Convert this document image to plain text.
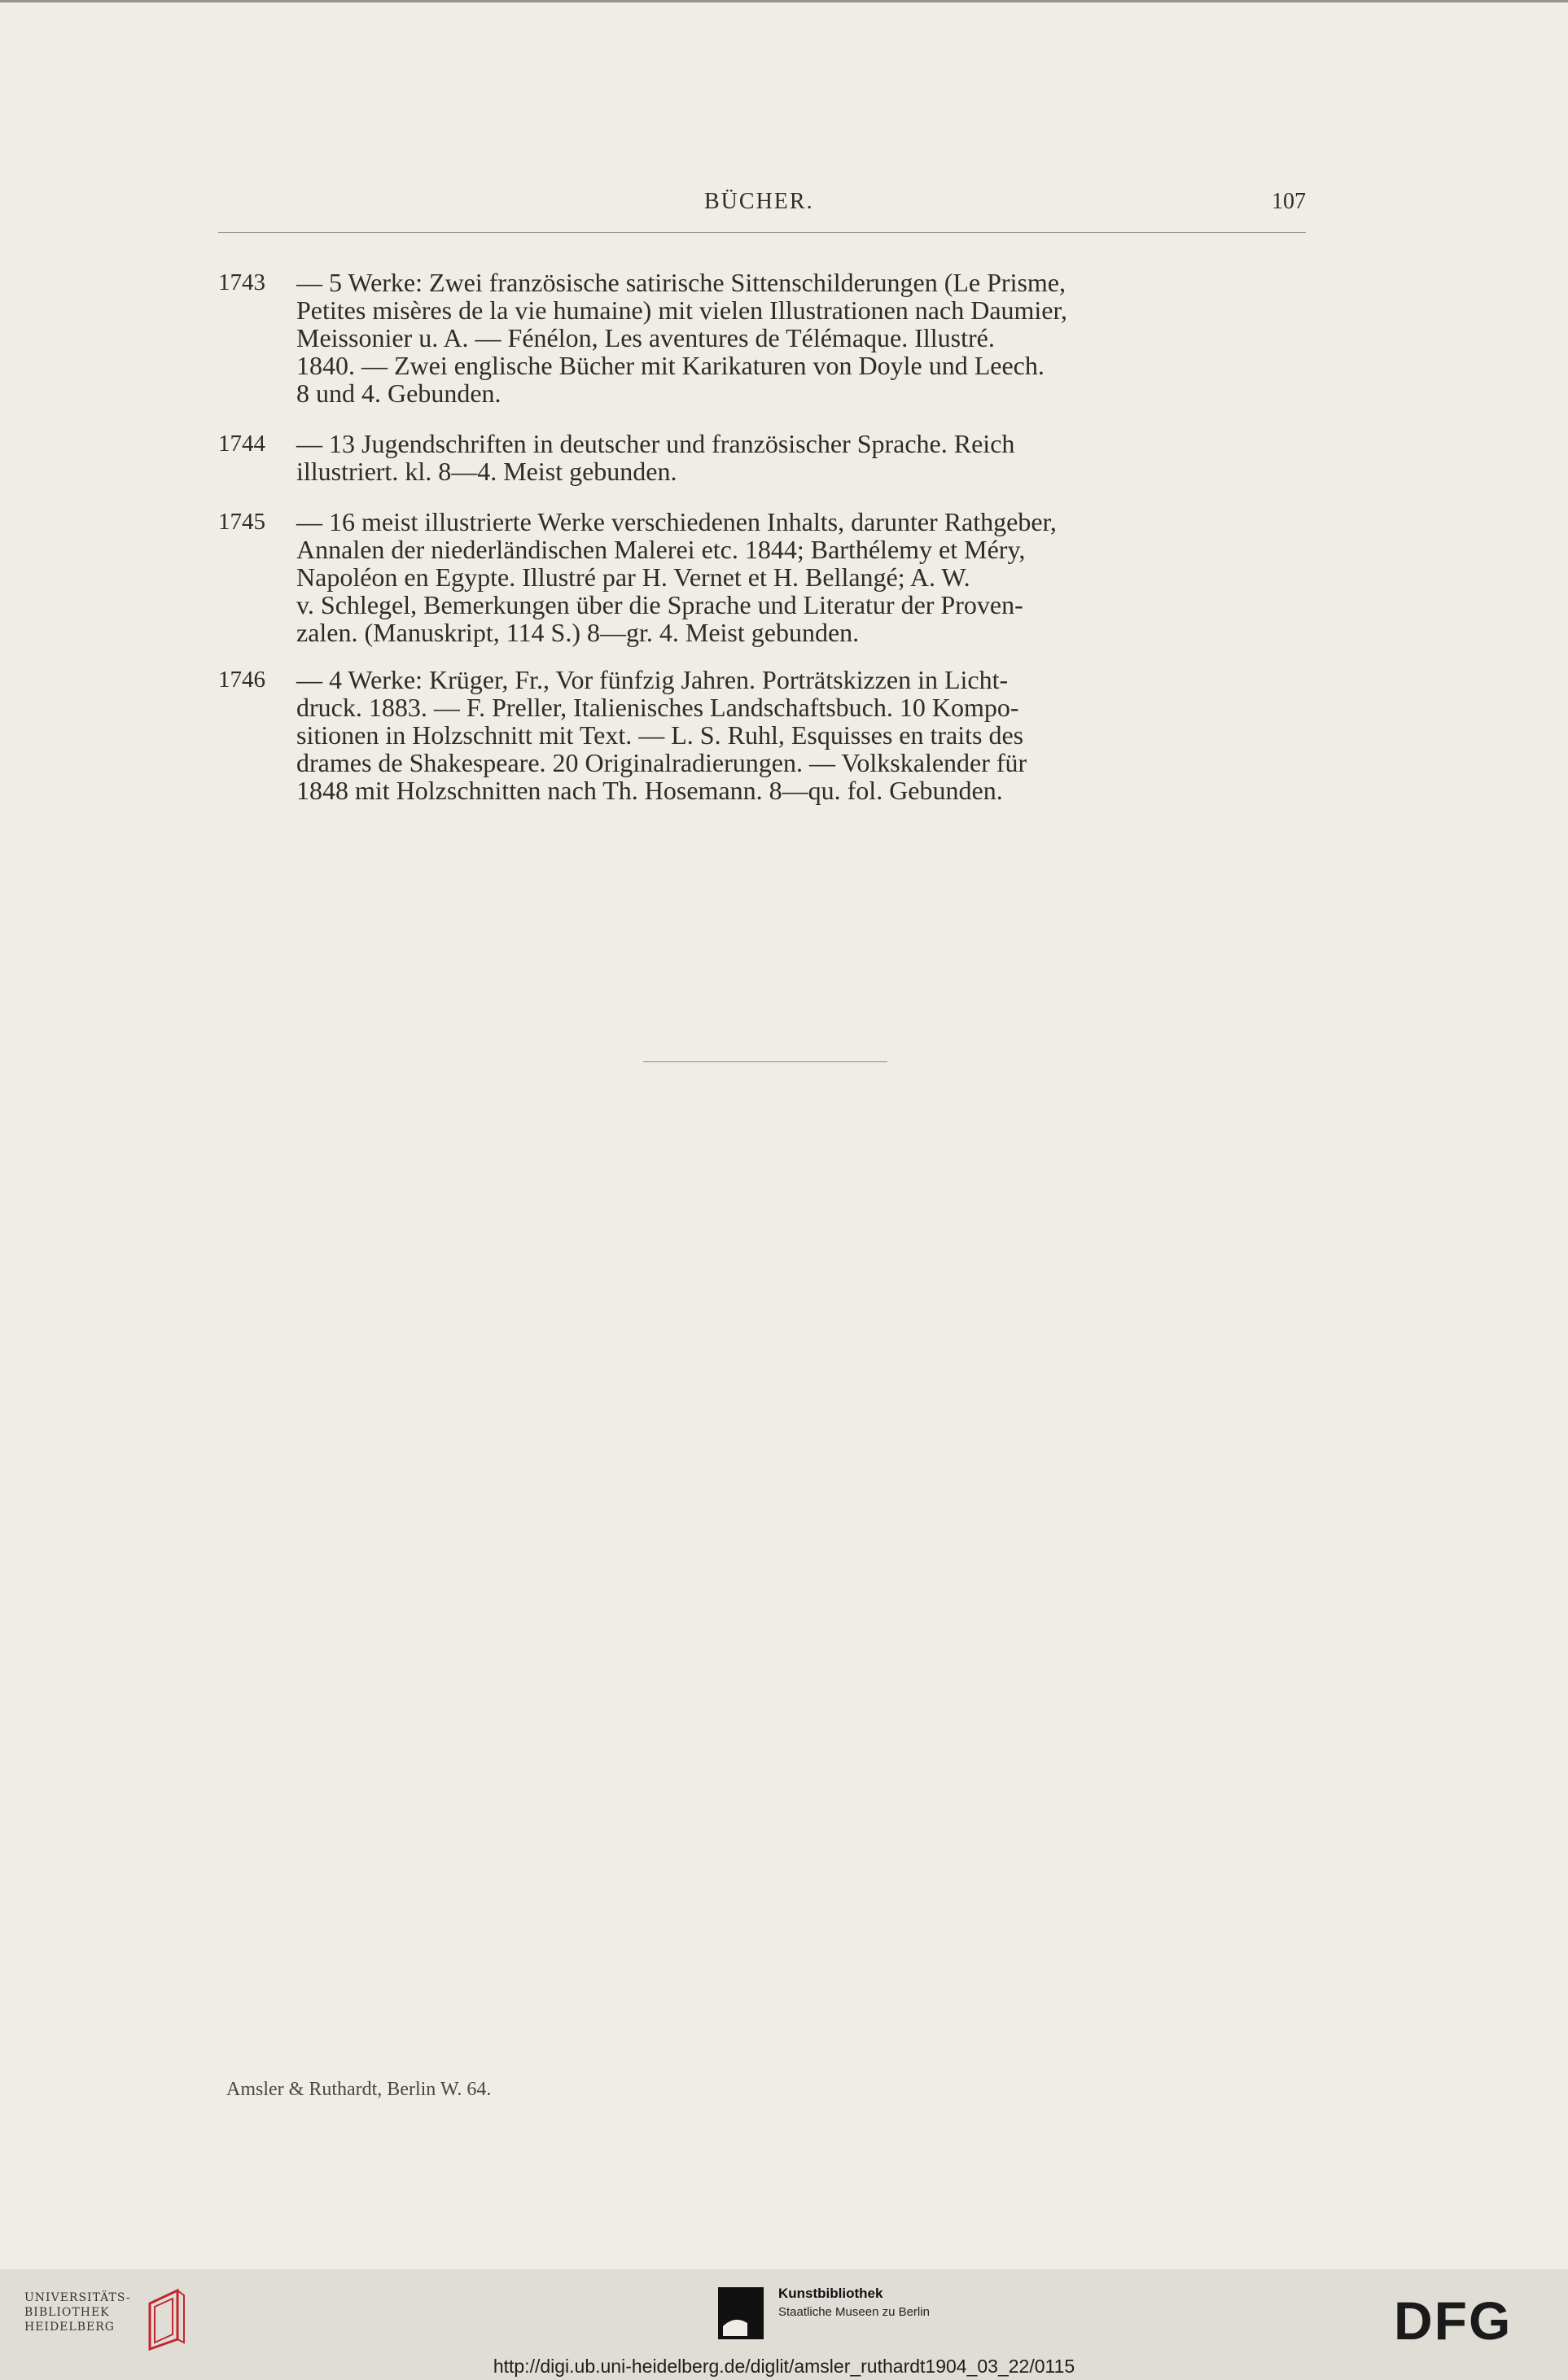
BÜCHER.	107
1743 — 5 Werke: Zwei französische satirische Sittenschilderungen (Le Prisme,
Petites misères de la vie humaine) mit vielen Illustrationen nach Daumier,
Meissonier u. A. — Fénélon, Les aventures de Télémaque. Illustré.
1840. — Zwei englische Bücher mit Karikaturen von Doyle und Leech.
8 und 4. Gebunden.
1744 — 13 Jugendschriften in deutscher und französischer Sprache. Reich
illustriert. kl. 8—4. Meist gebunden.
1745 — 16 meist illustrierte Werke verschiedenen Inhalts, darunter Rathgeber,
Annalen der niederländischen Malerei etc. 1844; Barthélemy et Méry,
Napoléon en Egypte. Illustré par H. Vernet et H. Bellangé; A. W.
v. Schlegel, Bemerkungen über die Sprache und Literatur der Proven-
zalen. (Manuskript, 114 S.) 8—gr. 4. Meist gebunden.
1746 — 4 Werke: Krüger, Fr., Vor fünfzig Jahren. Porträtskizzen in Licht-
druck. 1883. — F. Preller, Italienisches Landschaftsbuch. 10 Kompo-
sitionen in Holzschnitt mit Text. — L. S. Ruhl, Esquisses en traits des
drames de Shakespeare. 20 Originalradierungen. — Volkskalender für
1848 mit Holzschnitten nach Th. Hosemann. 8—qu. fol. Gebunden.
Amsler & Ruthardt, Berlin W. 64.
UNIVERSITÄTS-
BIBLIOTHEK
HEIDELBERG
Kunstbibliothek
Staatliche Museen zu Berlin	DFG
http://digi.ub.uni-heidelberg.de/diglit/amsler_ruthardt1904_03_22/0115
